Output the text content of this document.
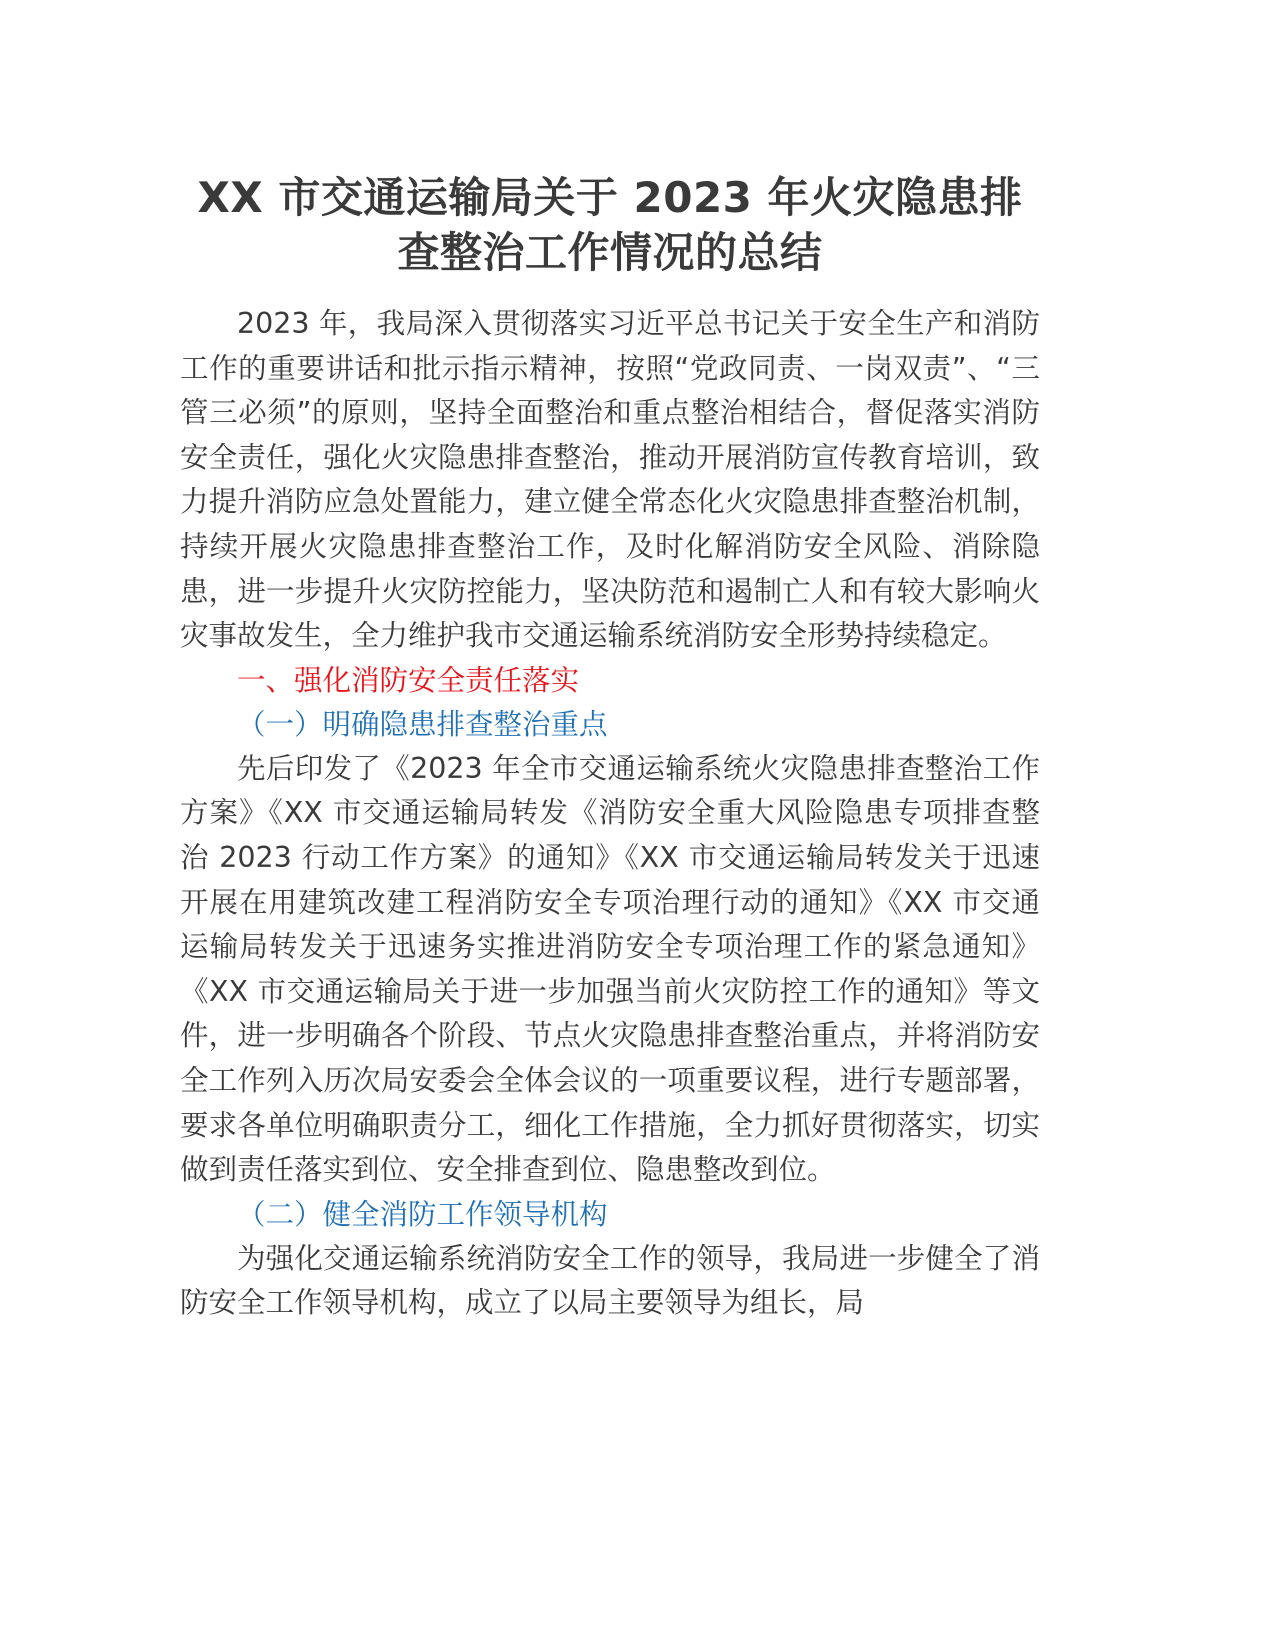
XX 市交通运输局关于 2023 年火灾隐患排
查整治工作情况的总结

2023 年，我局深入贯彻落实习近平总书记关于安全生产和消防工作的重要讲话和批示指示精神，按照“党政同责、一岗双责”、“三管三必须”的原则，坚持全面整治和重点整治相结合，督促落实消防安全责任，强化火灾隐患排查整治，推动开展消防宣传教育培训，致力提升消防应急处置能力，建立健全常态化火灾隐患排查整治机制，持续开展火灾隐患排查整治工作，及时化解消防安全风险、消除隐患，进一步提升火灾防控能力，坚决防范和遏制亡人和有较大影响火灾事故发生，全力维护我市交通运输系统消防安全形势持续稳定。

一、强化消防安全责任落实

（一）明确隐患排查整治重点

先后印发了《2023 年全市交通运输系统火灾隐患排查整治工作方案》《XX 市交通运输局转发《消防安全重大风险隐患专项排查整治 2023 行动工作方案》的通知》《XX 市交通运输局转发关于迅速开展在用建筑改建工程消防安全专项治理行动的通知》《XX 市交通运输局转发关于迅速务实推进消防安全专项治理工作的紧急通知》《XX 市交通运输局关于进一步加强当前火灾防控工作的通知》等文件，进一步明确各个阶段、节点火灾隐患排查整治重点，并将消防安全工作列入历次局安委会全体会议的一项重要议程，进行专题部署，要求各单位明确职责分工，细化工作措施，全力抓好贯彻落实，切实做到责任落实到位、安全排查到位、隐患整改到位。

（二）健全消防工作领导机构

为强化交通运输系统消防安全工作的领导，我局进一步健全了消防安全工作领导机构，成立了以局主要领导为组长，局
